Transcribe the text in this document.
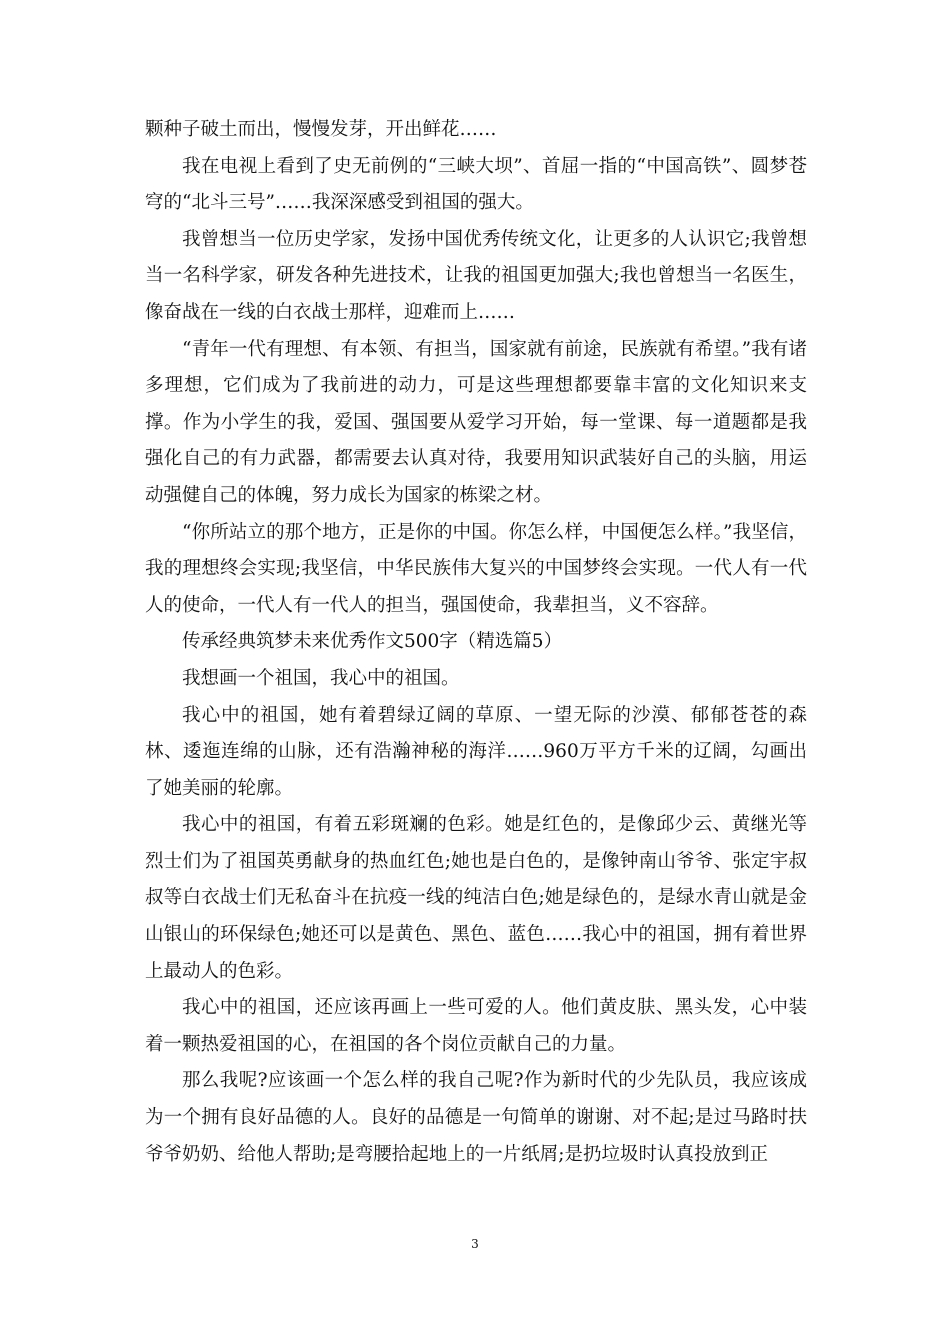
颗种子破土而出，慢慢发芽，开出鲜花……

我在电视上看到了史无前例的“三峡大坝”、首屈一指的“中国高铁”、圆梦苍穹的“北斗三号”……我深深感受到祖国的强大。

我曾想当一位历史学家，发扬中国优秀传统文化，让更多的人认识它;我曾想当一名科学家，研发各种先进技术，让我的祖国更加强大;我也曾想当一名医生，像奋战在一线的白衣战士那样，迎难而上……

“青年一代有理想、有本领、有担当，国家就有前途，民族就有希望。”我有诸多理想，它们成为了我前进的动力，可是这些理想都要靠丰富的文化知识来支撑。作为小学生的我，爱国、强国要从爱学习开始，每一堂课、每一道题都是我强化自己的有力武器，都需要去认真对待，我要用知识武装好自己的头脑，用运动强健自己的体魄，努力成长为国家的栋梁之材。

“你所站立的那个地方，正是你的中国。你怎么样，中国便怎么样。”我坚信，我的理想终会实现;我坚信，中华民族伟大复兴的中国梦终会实现。一代人有一代人的使命，一代人有一代人的担当，强国使命，我辈担当，义不容辞。

传承经典筑梦未来优秀作文500字（精选篇5）

我想画一个祖国，我心中的祖国。

我心中的祖国，她有着碧绿辽阔的草原、一望无际的沙漠、郁郁苍苍的森林、逶迤连绵的山脉，还有浩瀚神秘的海洋……960万平方千米的辽阔，勾画出了她美丽的轮廓。

我心中的祖国，有着五彩斑斓的色彩。她是红色的，是像邱少云、黄继光等烈士们为了祖国英勇献身的热血红色;她也是白色的，是像钟南山爷爷、张定宇叔叔等白衣战士们无私奋斗在抗疫一线的纯洁白色;她是绿色的，是绿水青山就是金山银山的环保绿色;她还可以是黄色、黑色、蓝色……我心中的祖国，拥有着世界上最动人的色彩。

我心中的祖国，还应该再画上一些可爱的人。他们黄皮肤、黑头发，心中装着一颗热爱祖国的心，在祖国的各个岗位贡献自己的力量。

那么我呢?应该画一个怎么样的我自己呢?作为新时代的少先队员，我应该成为一个拥有良好品德的人。良好的品德是一句简单的谢谢、对不起;是过马路时扶爷爷奶奶、给他人帮助;是弯腰拾起地上的一片纸屑;是扔垃圾时认真投放到正

3
